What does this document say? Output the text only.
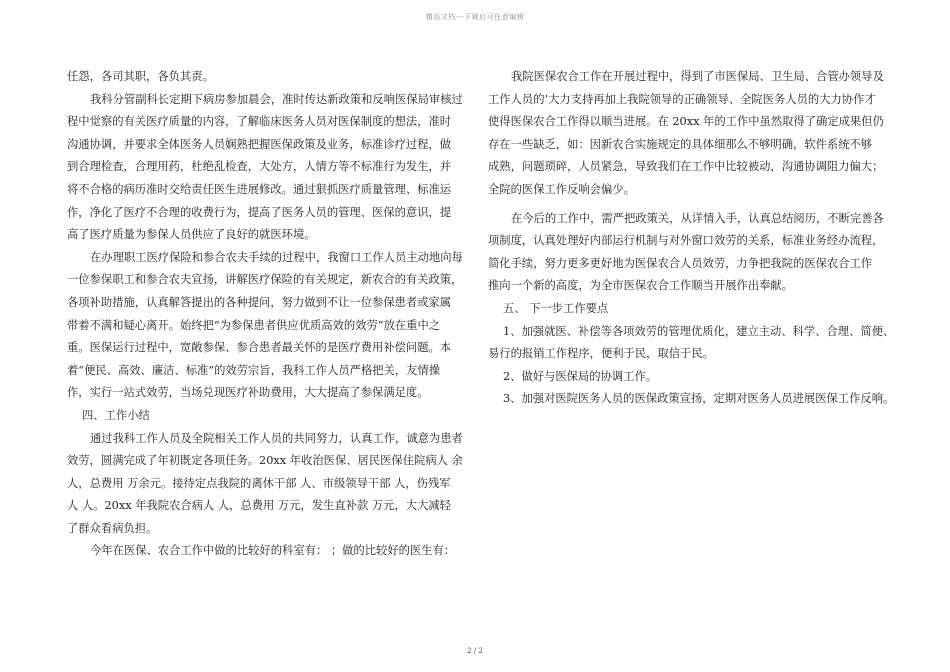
精品文档---下载后可任意编辑
任怨，各司其职，各负其责。
我科分管副科长定期下病房参加晨会，准时传达新政策和反响医保局审核过
程中觉察的有关医疗质量的内容，了解临床医务人员对医保制度的想法，准时
沟通协调，并要求全体医务人员娴熟把握医保政策及业务，标准诊疗过程，做
到合理检查，合理用药，杜绝乱检查，大处方，人情方等不标准行为发生，并
将不合格的病历准时交给责任医生进展修改。通过狠抓医疗质量管理、标准运
作，净化了医疗不合理的收费行为，提高了医务人员的管理、医保的意识，提
高了医疗质量为参保人员供应了良好的就医环境。
在办理职工医疗保险和参合农夫手续的过程中，我窗口工作人员主动地向每
一位参保职工和参合农夫宣扬，讲解医疗保险的有关规定，新农合的有关政策，
各项补助措施，认真解答提出的各种提问，努力做到不让一位参保患者或家属
带着不满和疑心离开。始终把“为参保患者供应优质高效的效劳”放在重中之
重。医保运行过程中，宽敞参保、参合患者最关怀的是医疗费用补偿问题。本
着“便民、高效、廉洁、标准”的效劳宗旨，我科工作人员严格把关，友情操
作，实行一站式效劳，当场兑现医疗补助费用，大大提高了参保满足度。
四、工作小结
通过我科工作人员及全院相关工作人员的共同努力，认真工作，诚意为患者
效劳，圆满完成了年初既定各项任务。20xx 年收治医保、居民医保住院病人 余
人，总费用 万余元。接待定点我院的离休干部 人、市级领导干部 人，伤残军
人 人。20xx 年我院农合病人 人，总费用 万元，发生直补款 万元，大大减轻
了群众看病负担。
今年在医保、农合工作中做的比较好的科室有： ；做的比较好的医生有：
我院医保农合工作在开展过程中，得到了市医保局、卫生局、合管办领导及
工作人员的’大力支持再加上我院领导的正确领导、全院医务人员的大力协作才
使得医保农合工作得以顺当进展。在 20xx 年的工作中虽然取得了确定成果但仍
存在一些缺乏，如：因新农合实施规定的具体细那么不够明确，软件系统不够
成熟，问题琐碎，人员紧急，导致我们在工作中比较被动，沟通协调阻力偏大；
全院的医保工作反响会偏少。
在今后的工作中，需严把政策关，从详情入手，认真总结阅历，不断完善各
项制度，认真处理好内部运行机制与对外窗口效劳的关系，标准业务经办流程，
简化手续，努力更多更好地为医保农合人员效劳，力争把我院的医保农合工作
推向一个新的高度，为全市医保农合工作顺当开展作出奉献。
五、 下一步工作要点
1、加强就医、补偿等各项效劳的管理优质化，建立主动、科学、合理、简便、
易行的报销工作程序，便利于民，取信于民。
2、做好与医保局的协调工作。
3、加强对医院医务人员的医保政策宣扬，定期对医务人员进展医保工作反响。
2 / 2
